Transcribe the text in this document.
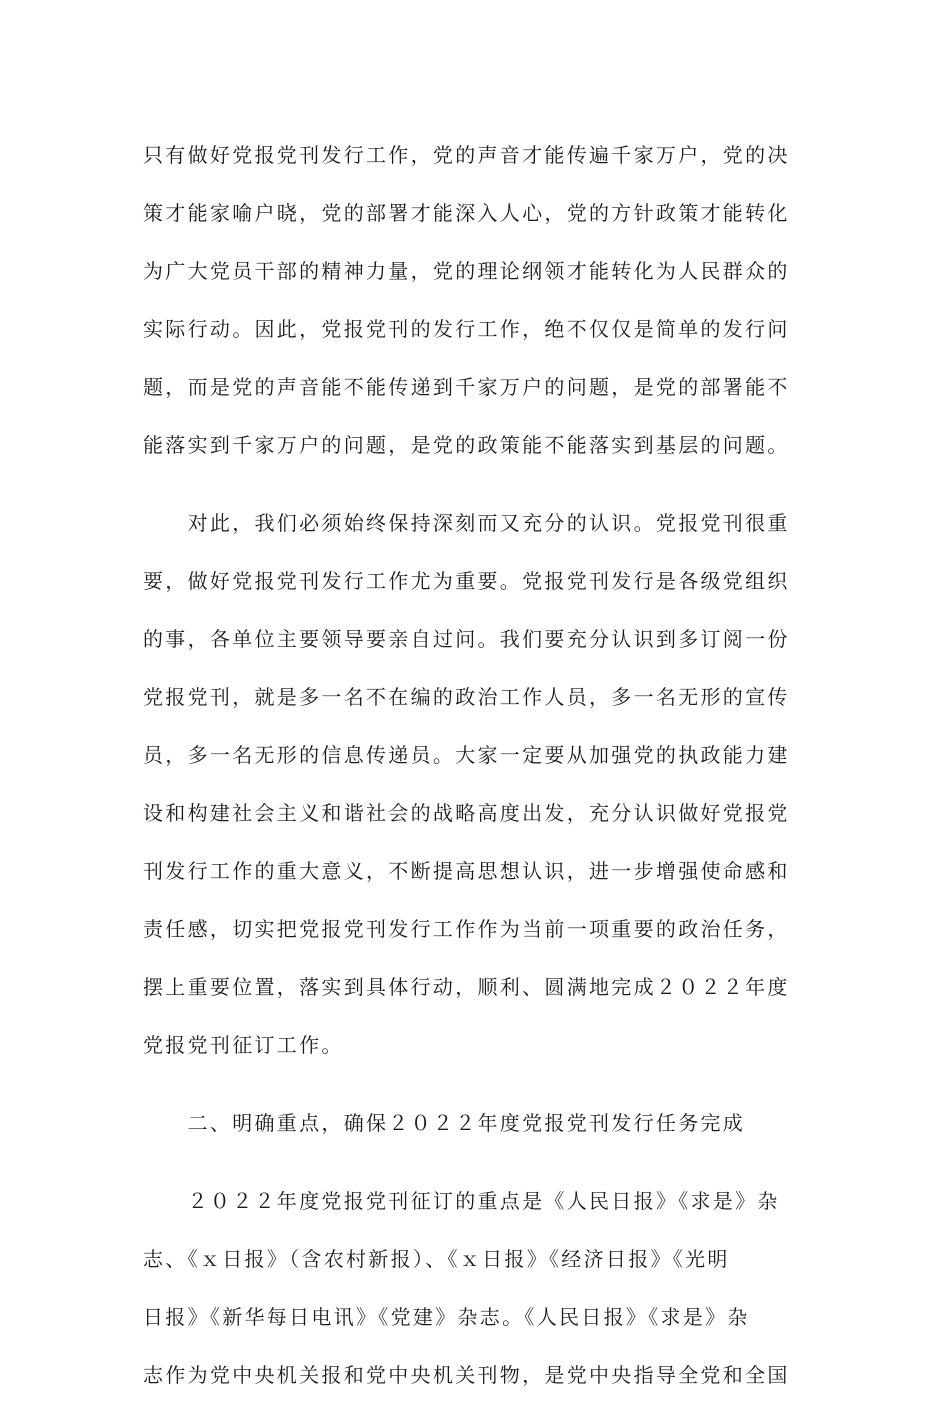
只有做好党报党刊发行工作，党的声音才能传遍千家万户，党的决

策才能家喻户晓，党的部署才能深入人心，党的方针政策才能转化

为广大党员干部的精神力量，党的理论纲领才能转化为人民群众的

实际行动。因此，党报党刊的发行工作，绝不仅仅是简单的发行问

题，而是党的声音能不能传递到千家万户的问题，是党的部署能不

能落实到千家万户的问题，是党的政策能不能落实到基层的问题。

　　对此，我们必须始终保持深刻而又充分的认识。党报党刊很重

要，做好党报党刊发行工作尤为重要。党报党刊发行是各级党组织

的事，各单位主要领导要亲自过问。我们要充分认识到多订阅一份

党报党刊，就是多一名不在编的政治工作人员，多一名无形的宣传

员，多一名无形的信息传递员。大家一定要从加强党的执政能力建

设和构建社会主义和谐社会的战略高度出发，充分认识做好党报党

刊发行工作的重大意义，不断提高思想认识，进一步增强使命感和

责任感，切实把党报党刊发行工作作为当前一项重要的政治任务，

摆上重要位置，落实到具体行动，顺利、圆满地完成２０２２年度

党报党刊征订工作。

　　二、明确重点，确保２０２２年度党报党刊发行任务完成

　　２０２２年度党报党刊征订的重点是《人民日报》《求是》杂

志、《ｘ日报》（含农村新报）、《ｘ日报》《经济日报》《光明

日报》《新华每日电讯》《党建》杂志。《人民日报》《求是》杂

志作为党中央机关报和党中央机关刊物，是党中央指导全党和全国
